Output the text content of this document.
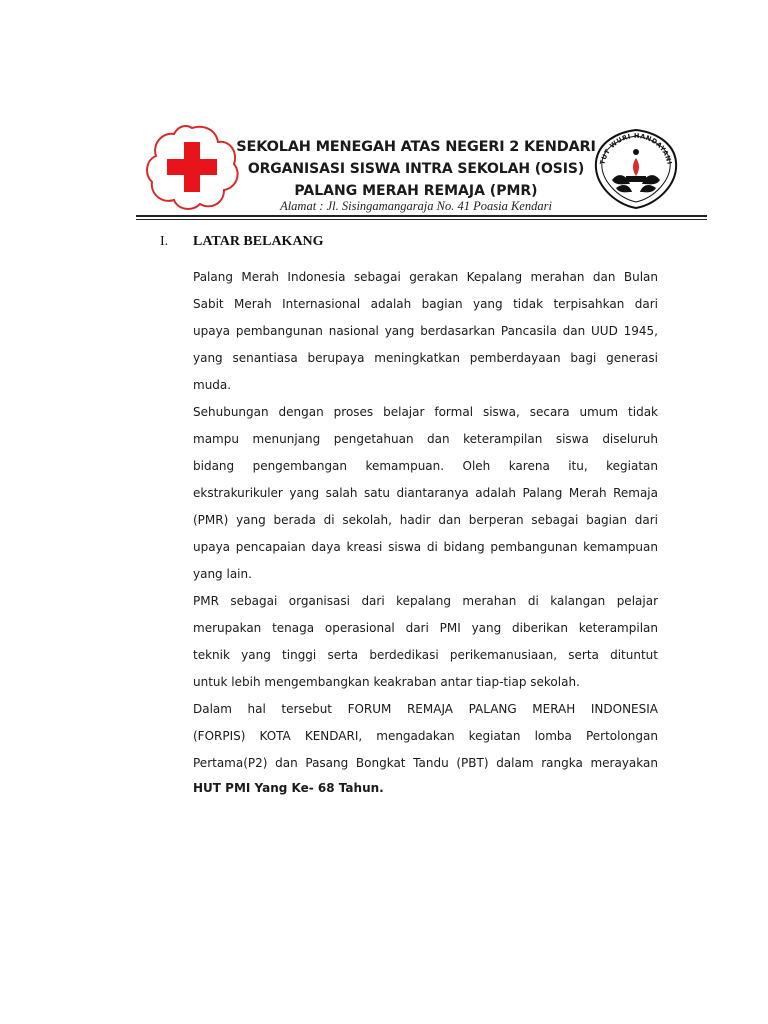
SEKOLAH MENEGAH ATAS NEGERI 2 KENDARI
ORGANISASI SISWA INTRA SEKOLAH (OSIS)
PALANG MERAH REMAJA (PMR)
Alamat : Jl. Sisingamangaraja No. 41 Poasia Kendari
TUT WURI HANDAYANI
I. LATAR BELAKANG
Palang Merah Indonesia sebagai gerakan Kepalang merahan dan Bulan
Sabit Merah Internasional adalah bagian yang tidak terpisahkan dari
upaya pembangunan nasional yang berdasarkan Pancasila dan UUD 1945,
yang senantiasa berupaya meningkatkan pemberdayaan bagi generasi
muda.
Sehubungan dengan proses belajar formal siswa, secara umum tidak
mampu menunjang pengetahuan dan keterampilan siswa diseluruh
bidang pengembangan kemampuan. Oleh karena itu, kegiatan
ekstrakurikuler yang salah satu diantaranya adalah Palang Merah Remaja
(PMR) yang berada di sekolah, hadir dan berperan sebagai bagian dari
upaya pencapaian daya kreasi siswa di bidang pembangunan kemampuan
yang lain.
PMR sebagai organisasi dari kepalang merahan di kalangan pelajar
merupakan tenaga operasional dari PMI yang diberikan keterampilan
teknik yang tinggi serta berdedikasi perikemanusiaan, serta dituntut
untuk lebih mengembangkan keakraban antar tiap-tiap sekolah.
Dalam hal tersebut FORUM REMAJA PALANG MERAH INDONESIA
(FORPIS) KOTA KENDARI, mengadakan kegiatan lomba Pertolongan
Pertama(P2) dan Pasang Bongkat Tandu (PBT) dalam rangka merayakan
HUT PMI Yang Ke- 68 Tahun.
